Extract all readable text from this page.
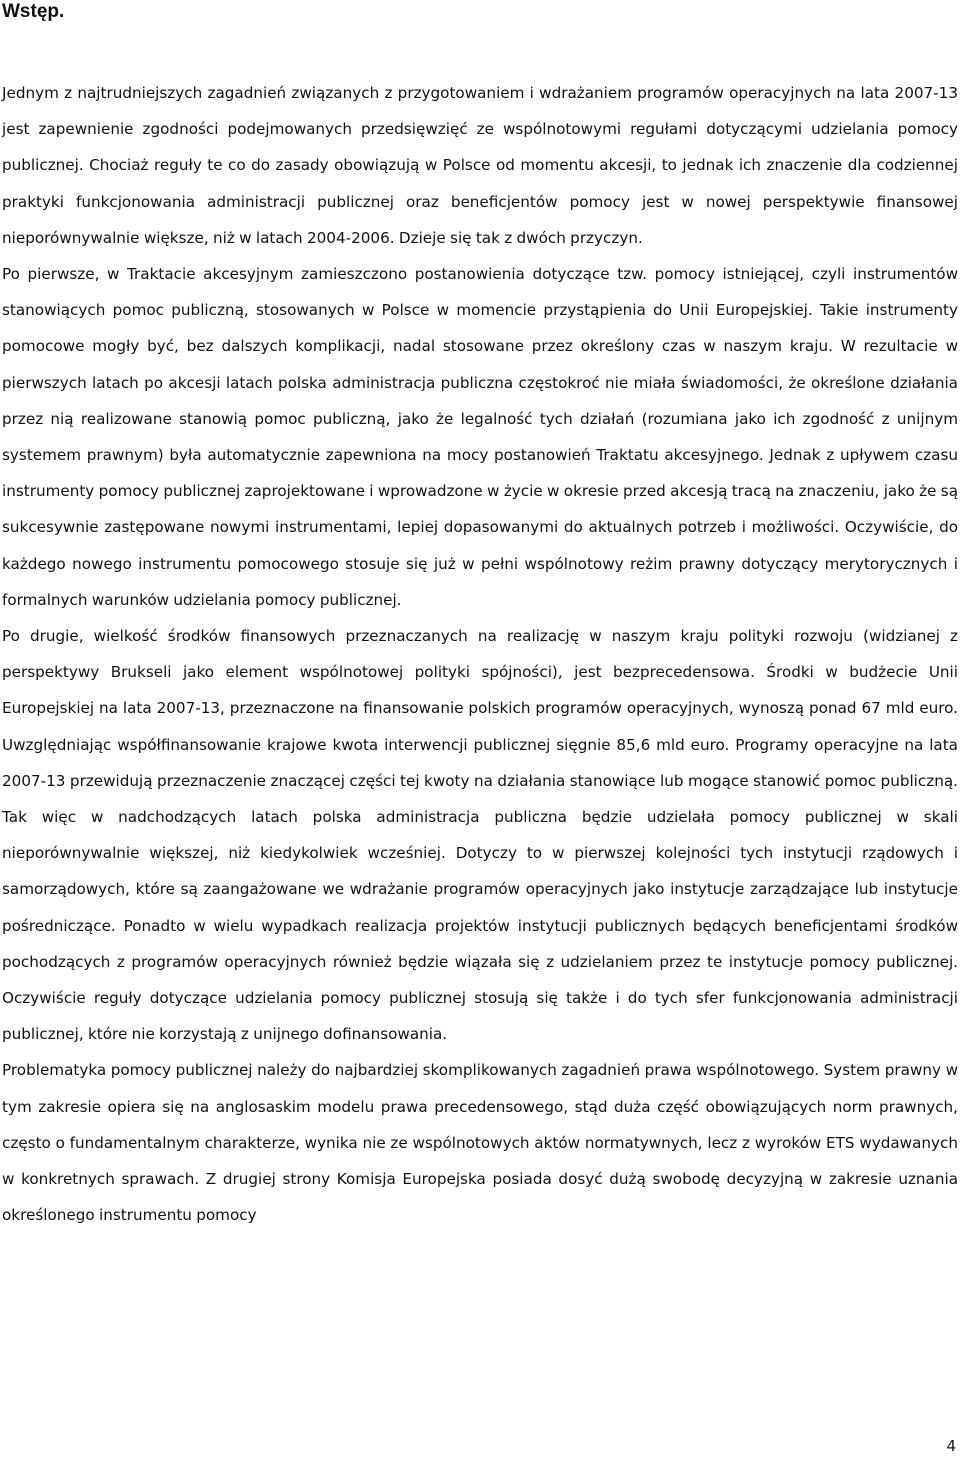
Wstęp.

Jednym z najtrudniejszych zagadnień związanych z przygotowaniem i wdrażaniem programów operacyjnych na lata 2007-13 jest zapewnienie zgodności podejmowanych przedsięwzięć ze wspólnotowymi regułami dotyczącymi udzielania pomocy publicznej. Chociaż reguły te co do zasady obowiązują w Polsce od momentu akcesji, to jednak ich znaczenie dla codziennej praktyki funkcjonowania administracji publicznej oraz beneficjentów pomocy jest w nowej perspektywie finansowej nieporównywalnie większe, niż w latach 2004-2006. Dzieje się tak z dwóch przyczyn.

Po pierwsze, w Traktacie akcesyjnym zamieszczono postanowienia dotyczące tzw. pomocy istniejącej, czyli instrumentów stanowiących pomoc publiczną, stosowanych w Polsce w momencie przystąpienia do Unii Europejskiej. Takie instrumenty pomocowe mogły być, bez dalszych komplikacji, nadal stosowane przez określony czas w naszym kraju. W rezultacie w pierwszych latach po akcesji latach polska administracja publiczna częstokroć nie miała świadomości, że określone działania przez nią realizowane stanowią pomoc publiczną, jako że legalność tych działań (rozumiana jako ich zgodność z unijnym systemem prawnym) była automatycznie zapewniona na mocy postanowień Traktatu akcesyjnego. Jednak z upływem czasu instrumenty pomocy publicznej zaprojektowane i wprowadzone w życie w okresie przed akcesją tracą na znaczeniu, jako że są sukcesywnie zastępowane nowymi instrumentami, lepiej dopasowanymi do aktualnych potrzeb i możliwości. Oczywiście, do każdego nowego instrumentu pomocowego stosuje się już w pełni wspólnotowy reżim prawny dotyczący merytorycznych i formalnych warunków udzielania pomocy publicznej.

Po drugie, wielkość środków finansowych przeznaczanych na realizację w naszym kraju polityki rozwoju (widzianej z perspektywy Brukseli jako element wspólnotowej polityki spójności), jest bezprecedensowa. Środki w budżecie Unii Europejskiej na lata 2007-13, przeznaczone na finansowanie polskich programów operacyjnych, wynoszą ponad 67 mld euro. Uwzględniając współfinansowanie krajowe kwota interwencji publicznej sięgnie 85,6 mld euro. Programy operacyjne na lata 2007-13 przewidują przeznaczenie znaczącej części tej kwoty na działania stanowiące lub mogące stanowić pomoc publiczną. Tak więc w nadchodzących latach polska administracja publiczna będzie udzielała pomocy publicznej w skali nieporównywalnie większej, niż kiedykolwiek wcześniej. Dotyczy to w pierwszej kolejności tych instytucji rządowych i samorządowych, które są zaangażowane we wdrażanie programów operacyjnych jako instytucje zarządzające lub instytucje pośredniczące. Ponadto w wielu wypadkach realizacja projektów instytucji publicznych będących beneficjentami środków pochodzących z programów operacyjnych również będzie wiązała się z udzielaniem przez te instytucje pomocy publicznej. Oczywiście reguły dotyczące udzielania pomocy publicznej stosują się także i do tych sfer funkcjonowania administracji publicznej, które nie korzystają z unijnego dofinansowania.

Problematyka pomocy publicznej należy do najbardziej skomplikowanych zagadnień prawa wspólnotowego. System prawny w tym zakresie opiera się na anglosaskim modelu prawa precedensowego, stąd duża część obowiązujących norm prawnych, często o fundamentalnym charakterze, wynika nie ze wspólnotowych aktów normatywnych, lecz z wyroków ETS wydawanych w konkretnych sprawach. Z drugiej strony Komisja Europejska posiada dosyć dużą swobodę decyzyjną w zakresie uznania określonego instrumentu pomocy

4
